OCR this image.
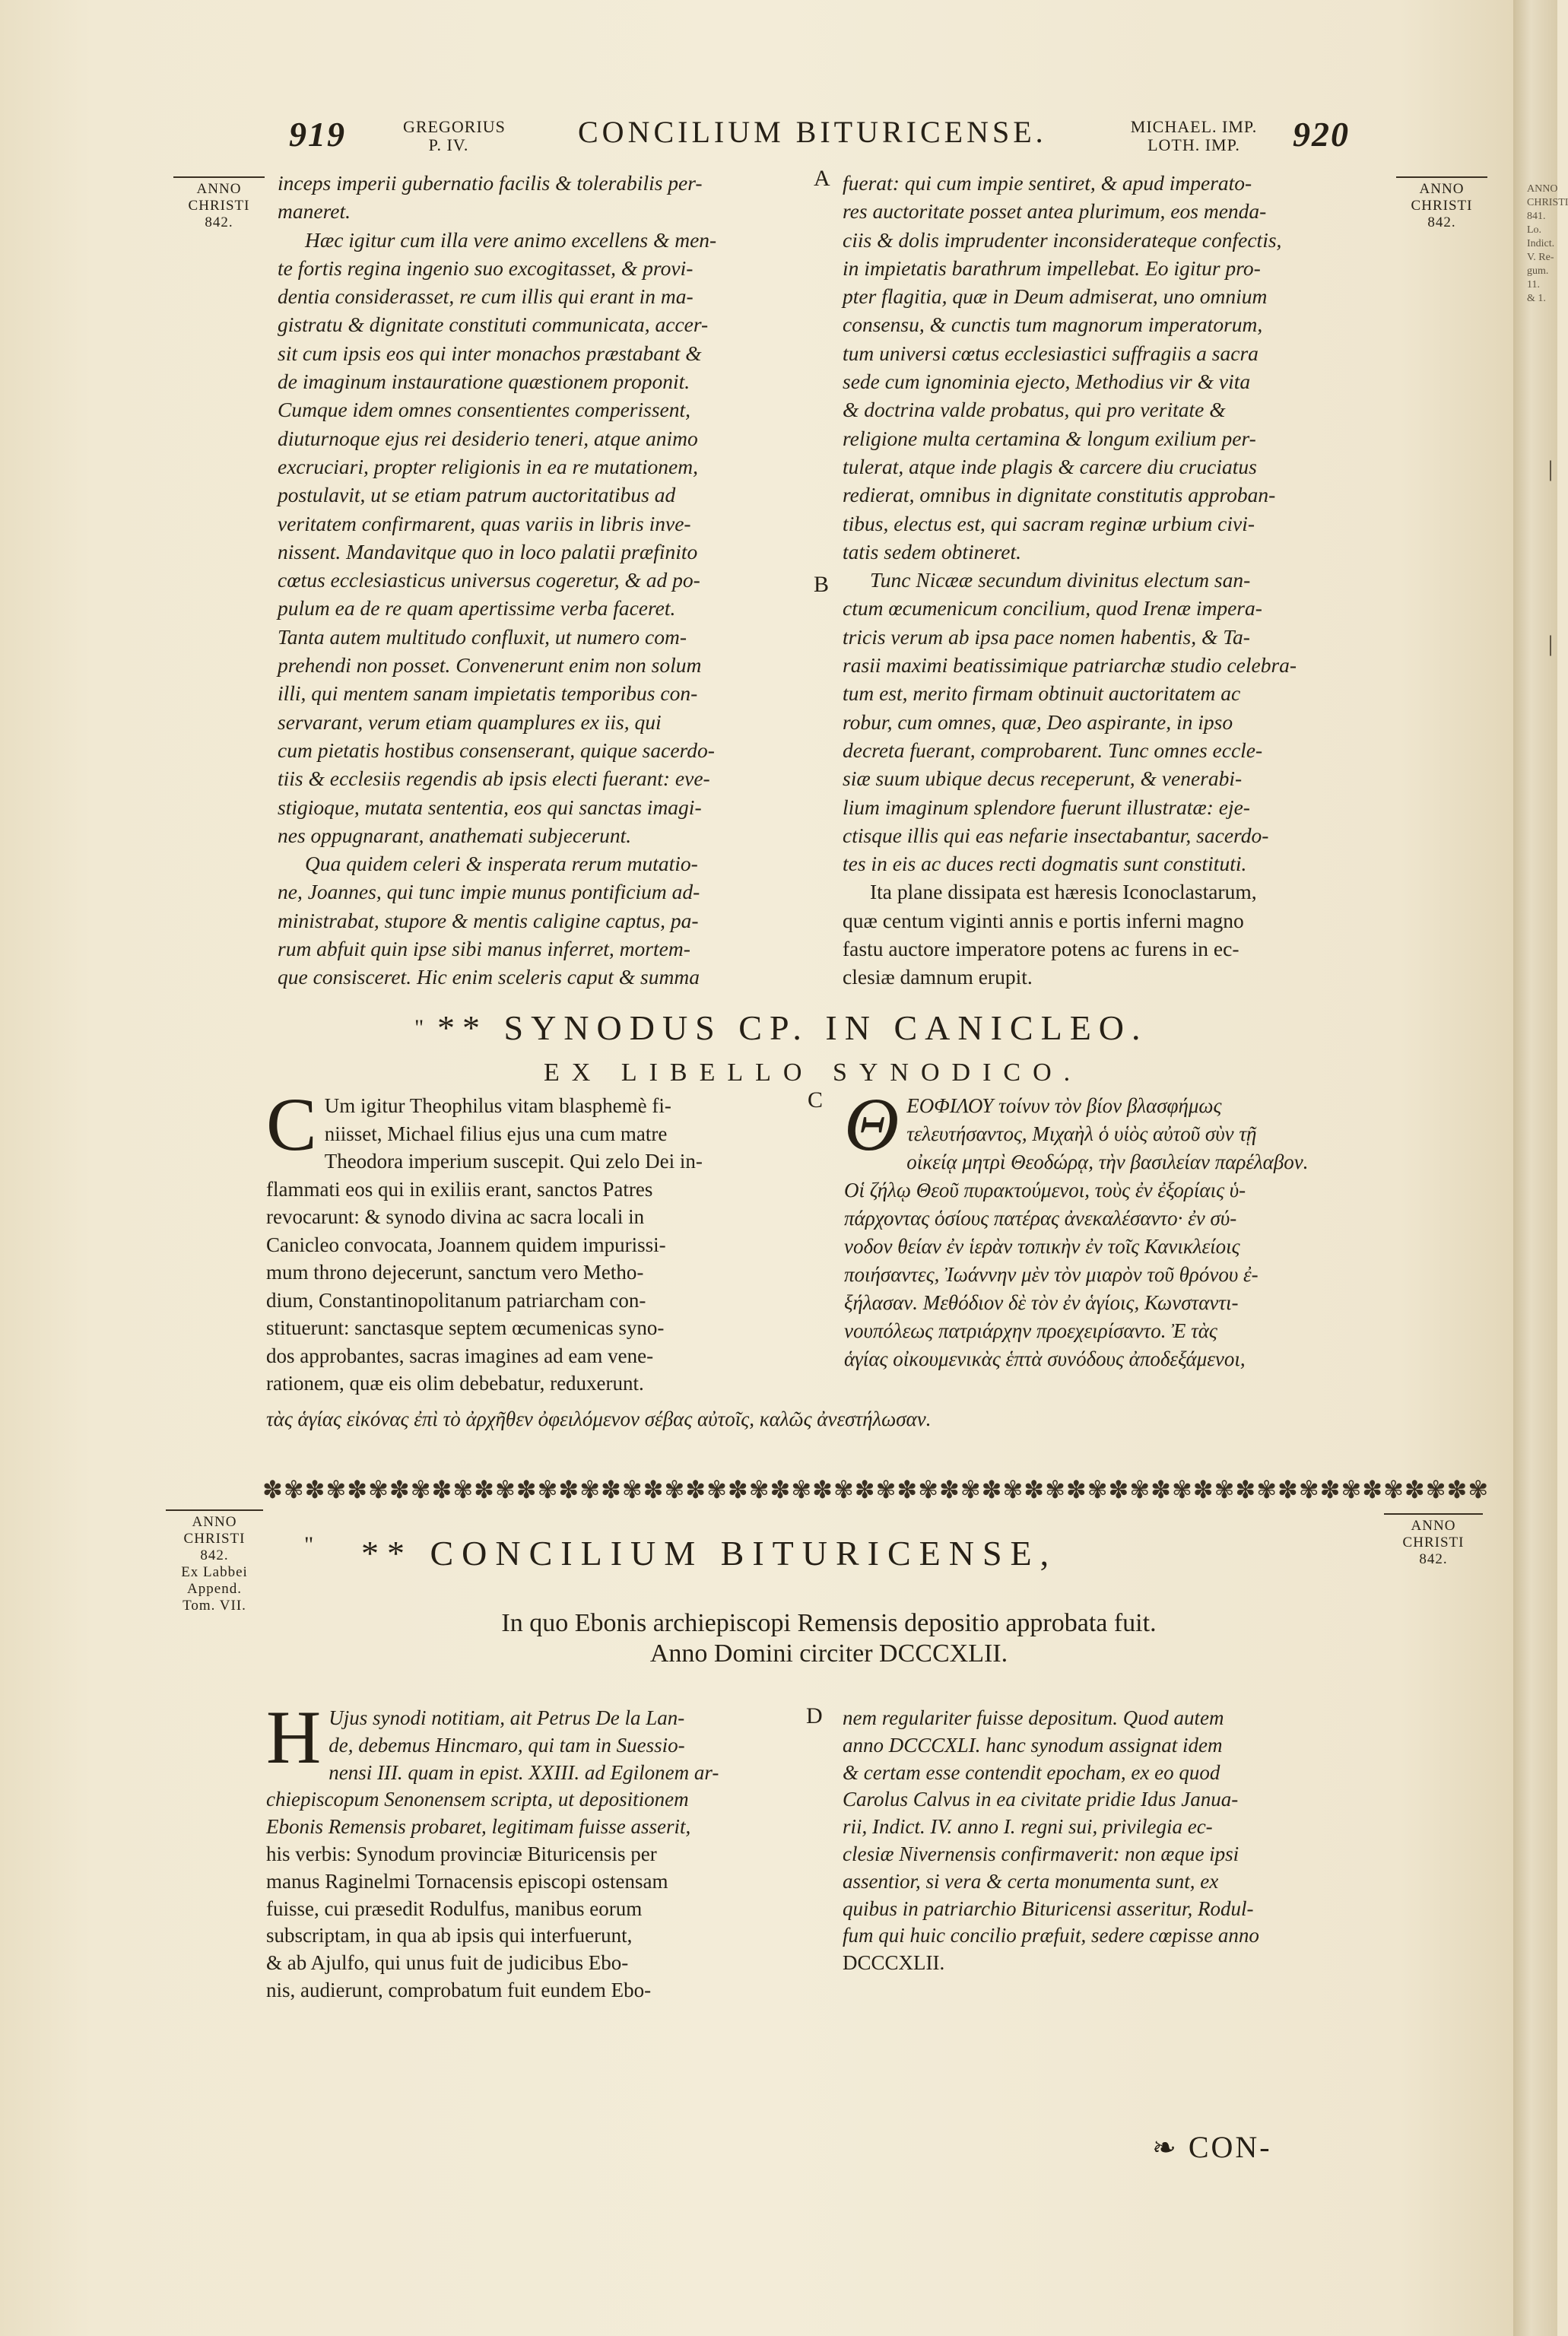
ANNO
CHRISTI
841.
Lo.
Indict.
V. Re-
gum. 11.
& 1.
|
|
919	GREGORIUS
P. IV.	CONCILIUM BITURICENSE.	MICHAEL. IMP.
LOTH. IMP.	920
ANNO
CHRISTI
842.
ANNO
CHRISTI
842.
A
B
C
D

inceps imperii gubernatio facilis & tolerabilis per-

maneret.

Hæc igitur cum illa vere animo excellens & men-

te fortis regina ingenio suo excogitasset, & provi-

dentia considerasset, re cum illis qui erant in ma-

gistratu & dignitate constituti communicata, accer-

sit cum ipsis eos qui inter monachos præstabant &

de imaginum instauratione quæstionem proponit.

Cumque idem omnes consentientes comperissent,

diuturnoque ejus rei desiderio teneri, atque animo

excruciari, propter religionis in ea re mutationem,

postulavit, ut se etiam patrum auctoritatibus ad

veritatem confirmarent, quas variis in libris inve-

nissent. Mandavitque quo in loco palatii præfinito

cœtus ecclesiasticus universus cogeretur, & ad po-

pulum ea de re quam apertissime verba faceret.

Tanta autem multitudo confluxit, ut numero com-

prehendi non posset. Convenerunt enim non solum

illi, qui mentem sanam impietatis temporibus con-

servarant, verum etiam quamplures ex iis, qui

cum pietatis hostibus consenserant, quique sacerdo-

tiis & ecclesiis regendis ab ipsis electi fuerant: eve-

stigioque, mutata sententia, eos qui sanctas imagi-

nes oppugnarant, anathemati subjecerunt.

Qua quidem celeri & insperata rerum mutatio-

ne, Joannes, qui tunc impie munus pontificium ad-

ministrabat, stupore & mentis caligine captus, pa-

rum abfuit quin ipse sibi manus inferret, mortem-

que consisceret. Hic enim sceleris caput & summa

fuerat: qui cum impie sentiret, & apud imperato-

res auctoritate posset antea plurimum, eos menda-

ciis & dolis imprudenter inconsiderateque confectis,

in impietatis barathrum impellebat. Eo igitur pro-

pter flagitia, quæ in Deum admiserat, uno omnium

consensu, & cunctis tum magnorum imperatorum,

tum universi cœtus ecclesiastici suffragiis a sacra

sede cum ignominia ejecto, Methodius vir & vita

& doctrina valde probatus, qui pro veritate &

religione multa certamina & longum exilium per-

tulerat, atque inde plagis & carcere diu cruciatus

redierat, omnibus in dignitate constitutis approban-

tibus, electus est, qui sacram reginæ urbium civi-

tatis sedem obtineret.

Tunc Nicææ secundum divinitus electum san-

ctum œcumenicum concilium, quod Irenæ impera-

tricis verum ab ipsa pace nomen habentis, & Ta-

rasii maximi beatissimique patriarchæ studio celebra-

tum est, merito firmam obtinuit auctoritatem ac

robur, cum omnes, quæ, Deo aspirante, in ipso

decreta fuerant, comprobarent. Tunc omnes eccle-

siæ suum ubique decus receperunt, & venerabi-

lium imaginum splendore fuerunt illustratæ: eje-

ctisque illis qui eas nefarie insectabantur, sacerdo-

tes in eis ac duces recti dogmatis sunt constituti.

Ita plane dissipata est hæresis Iconoclastarum,

quæ centum viginti annis e portis inferni magno

fastu auctore imperatore potens ac furens in ec-

clesiæ damnum erupit.

" ** SYNODUS CP. IN CANICLEO.
EX LIBELLO SYNODICO.
C Um igitur Theophilus vitam blasphemè fi-

niisset, Michael filius ejus una cum matre

Theodora imperium suscepit. Qui zelo Dei in-

flammati eos qui in exiliis erant, sanctos Patres

revocarunt: & synodo divina ac sacra locali in

Canicleo convocata, Joannem quidem impurissi-

mum throno dejecerunt, sanctum vero Metho-

dium, Constantinopolitanum patriarcham con-

stituerunt: sanctasque septem œcumenicas syno-

dos approbantes, sacras imagines ad eam vene-

rationem, quæ eis olim debebatur, reduxerunt.

Θ ΕΟΦΙΛΟΥ τοίνυν τὸν βίον βλασφήμως

τελευτήσαντος, Μιχαὴλ ὁ υἱὸς αὐτοῦ σὺν τῇ

οἰκείᾳ μητρὶ Θεοδώρᾳ, τὴν βασιλείαν παρέλαβον.

Οἱ ζήλῳ Θεοῦ πυρακτούμενοι, τοὺς ἐν ἐξορίαις ὑ-

πάρχοντας ὁσίους πατέρας ἀνεκαλέσαντο· ἐν σύ-

νοδον θείαν ἐν ἱερὰν τοπικὴν ἐν τοῖς Κανικλείοις

ποιήσαντες, Ἰωάννην μὲν τὸν μιαρὸν τοῦ θρόνου ἐ-

ξήλασαν. Μεθόδιον δὲ τὸν ἐν ἁγίοις, Κωνσταντι-

νουπόλεως πατριάρχην προεχειρίσαντο. Ἐ τὰς

ἁγίας οἰκουμενικὰς ἑπτὰ συνόδους ἀποδεξάμενοι,

τὰς ἁγίας εἰκόνας ἐπὶ τὸ ἀρχῆθεν ὀφειλόμενον σέβας αὐτοῖς, καλῶς ἀνεστήλωσαν.
✽✾✽✾✽✾✽✾✽✾✽✾✽✾✽✾✽✾✽✾✽✾✽✾✽✾✽✾✽✾✽✾✽✾✽✾✽✾✽✾✽✾✽✾✽✾✽✾✽✾✽✾✽✾✽✾✽✾
ANNO
CHRISTI
842.
Ex Labbei
Append.
Tom. VII.
ANNO
CHRISTI
842.
" ** CONCILIUM BITURICENSE,
In quo Ebonis archiepiscopi Remensis depositio approbata fuit.
Anno Domini circiter DCCCXLII.
H Ujus synodi notitiam, ait Petrus De la Lan-

de, debemus Hincmaro, qui tam in Suessio-

nensi III. quam in epist. XXIII. ad Egilonem ar-

chiepiscopum Senonensem scripta, ut depositionem

Ebonis Remensis probaret, legitimam fuisse asserit,

his verbis: Synodum provinciæ Bituricensis per

manus Raginelmi Tornacensis episcopi ostensam

fuisse, cui præsedit Rodulfus, manibus eorum

subscriptam, in qua ab ipsis qui interfuerunt,

& ab Ajulfo, qui unus fuit de judicibus Ebo-

nis, audierunt, comprobatum fuit eundem Ebo-

nem regulariter fuisse depositum. Quod autem

anno DCCCXLI. hanc synodum assignat idem

& certam esse contendit epocham, ex eo quod

Carolus Calvus in ea civitate pridie Idus Janua-

rii, Indict. IV. anno I. regni sui, privilegia ec-

clesiæ Nivernensis confirmaverit: non æque ipsi

assentior, si vera & certa monumenta sunt, ex

quibus in patriarchio Bituricensi asseritur, Rodul-

fum qui huic concilio præfuit, sedere cœpisse anno

DCCCXLII.

❧ CON-
